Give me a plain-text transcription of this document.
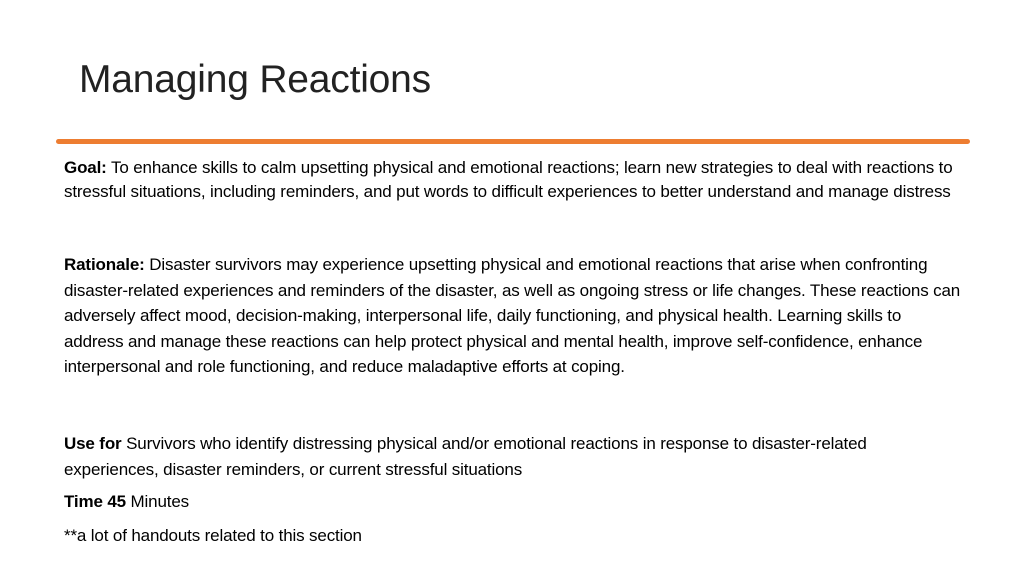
Managing Reactions

Goal: To enhance skills to calm upsetting physical and emotional reactions; learn new strategies to deal with reactions to stressful situations, including reminders, and put words to difficult experiences to better understand and manage distress

Rationale: Disaster survivors may experience upsetting physical and emotional reactions that arise when confronting disaster-related experiences and reminders of the disaster, as well as ongoing stress or life changes. These reactions can adversely affect mood, decision-making, interpersonal life, daily functioning, and physical health. Learning skills to address and manage these reactions can help protect physical and mental health, improve self-confidence, enhance interpersonal and role functioning, and reduce maladaptive efforts at coping.

Use for Survivors who identify distressing physical and/or emotional reactions in response to disaster-related experiences, disaster reminders, or current stressful situations

Time 45 Minutes

**a lot of handouts related to this section
